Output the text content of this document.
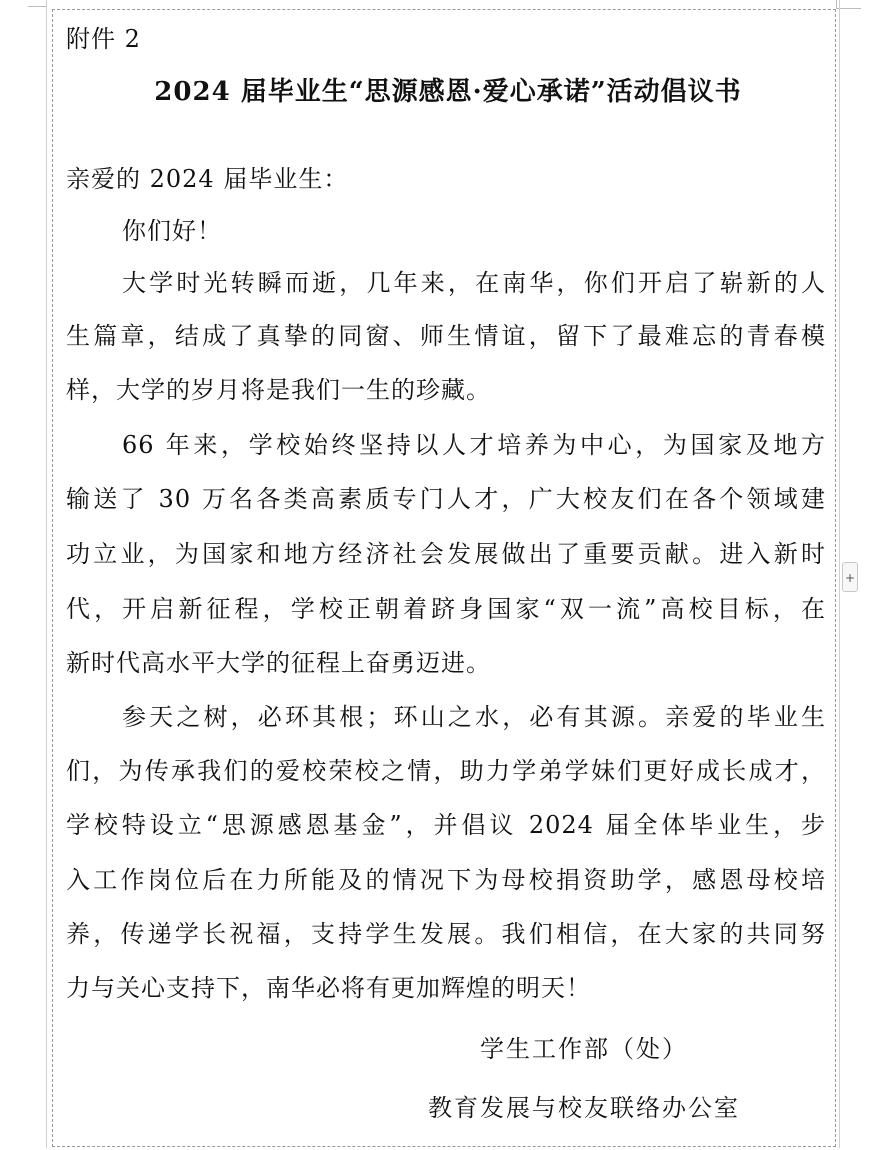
+
附件 2
2024 届毕业生“思源感恩·爱心承诺”活动倡议书
亲爱的 2024 届毕业生：
你们好！
大学时光转瞬而逝，几年来，在南华，你们开启了崭新的人
生篇章，结成了真挚的同窗、师生情谊，留下了最难忘的青春模
样，大学的岁月将是我们一生的珍藏。
66 年来，学校始终坚持以人才培养为中心，为国家及地方
输送了 30 万名各类高素质专门人才，广大校友们在各个领域建
功立业，为国家和地方经济社会发展做出了重要贡献。进入新时
代，开启新征程，学校正朝着跻身国家“双一流”高校目标，在
新时代高水平大学的征程上奋勇迈进。
参天之树，必环其根；环山之水，必有其源。亲爱的毕业生
们，为传承我们的爱校荣校之情，助力学弟学妹们更好成长成才，
学校特设立“思源感恩基金”，并倡议 2024 届全体毕业生，步
入工作岗位后在力所能及的情况下为母校捐资助学，感恩母校培
养，传递学长祝福，支持学生发展。我们相信，在大家的共同努
力与关心支持下，南华必将有更加辉煌的明天！
学生工作部（处）
教育发展与校友联络办公室
